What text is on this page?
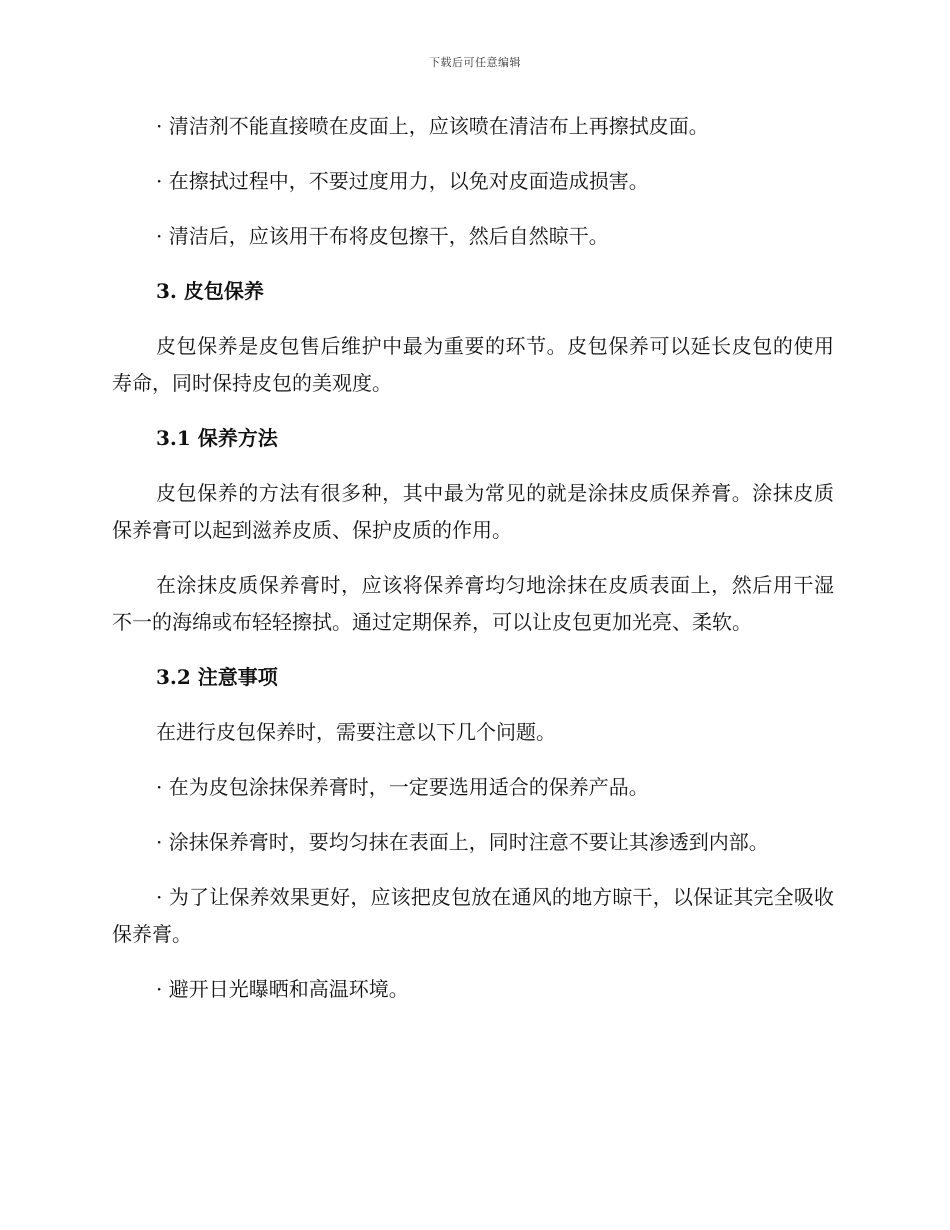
下载后可任意编辑

· 清洁剂不能直接喷在皮面上，应该喷在清洁布上再擦拭皮面。

· 在擦拭过程中，不要过度用力，以免对皮面造成损害。

· 清洁后，应该用干布将皮包擦干，然后自然晾干。

3. 皮包保养

皮包保养是皮包售后维护中最为重要的环节。皮包保养可以延长皮包的使用寿命，同时保持皮包的美观度。

3.1 保养方法

皮包保养的方法有很多种，其中最为常见的就是涂抹皮质保养膏。涂抹皮质保养膏可以起到滋养皮质、保护皮质的作用。

在涂抹皮质保养膏时，应该将保养膏均匀地涂抹在皮质表面上，然后用干湿不一的海绵或布轻轻擦拭。通过定期保养，可以让皮包更加光亮、柔软。

3.2 注意事项

在进行皮包保养时，需要注意以下几个问题。

· 在为皮包涂抹保养膏时，一定要选用适合的保养产品。

· 涂抹保养膏时，要均匀抹在表面上，同时注意不要让其渗透到内部。

· 为了让保养效果更好，应该把皮包放在通风的地方晾干，以保证其完全吸收保养膏。

· 避开日光曝晒和高温环境。
